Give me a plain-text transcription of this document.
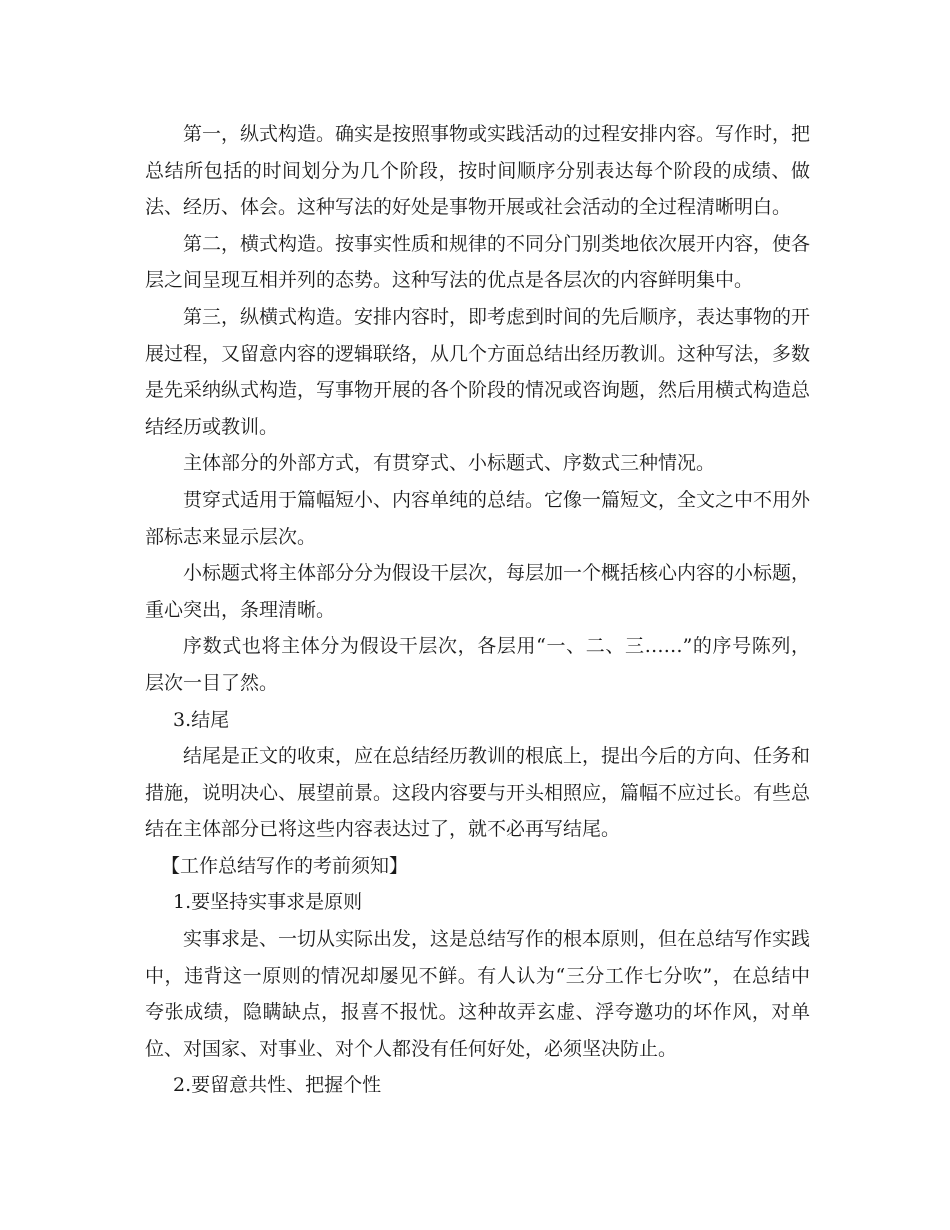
第一，纵式构造。确实是按照事物或实践活动的过程安排内容。写作时，把总结所包括的时间划分为几个阶段，按时间顺序分别表达每个阶段的成绩、做法、经历、体会。这种写法的好处是事物开展或社会活动的全过程清晰明白。

第二，横式构造。按事实性质和规律的不同分门别类地依次展开内容，使各层之间呈现互相并列的态势。这种写法的优点是各层次的内容鲜明集中。

第三，纵横式构造。安排内容时，即考虑到时间的先后顺序，表达事物的开展过程，又留意内容的逻辑联络，从几个方面总结出经历教训。这种写法，多数是先采纳纵式构造，写事物开展的各个阶段的情况或咨询题，然后用横式构造总结经历或教训。

主体部分的外部方式，有贯穿式、小标题式、序数式三种情况。

贯穿式适用于篇幅短小、内容单纯的总结。它像一篇短文，全文之中不用外部标志来显示层次。

小标题式将主体部分分为假设干层次，每层加一个概括核心内容的小标题，重心突出，条理清晰。

序数式也将主体分为假设干层次，各层用“一、二、三……”的序号陈列，层次一目了然。

3.结尾

结尾是正文的收束，应在总结经历教训的根底上，提出今后的方向、任务和措施，说明决心、展望前景。这段内容要与开头相照应，篇幅不应过长。有些总结在主体部分已将这些内容表达过了，就不必再写结尾。

【工作总结写作的考前须知】

1.要坚持实事求是原则

实事求是、一切从实际出发，这是总结写作的根本原则，但在总结写作实践中，违背这一原则的情况却屡见不鲜。有人认为“三分工作七分吹”，在总结中夸张成绩，隐瞒缺点，报喜不报忧。这种故弄玄虚、浮夸邀功的坏作风，对单位、对国家、对事业、对个人都没有任何好处，必须坚决防止。

2.要留意共性、把握个性
